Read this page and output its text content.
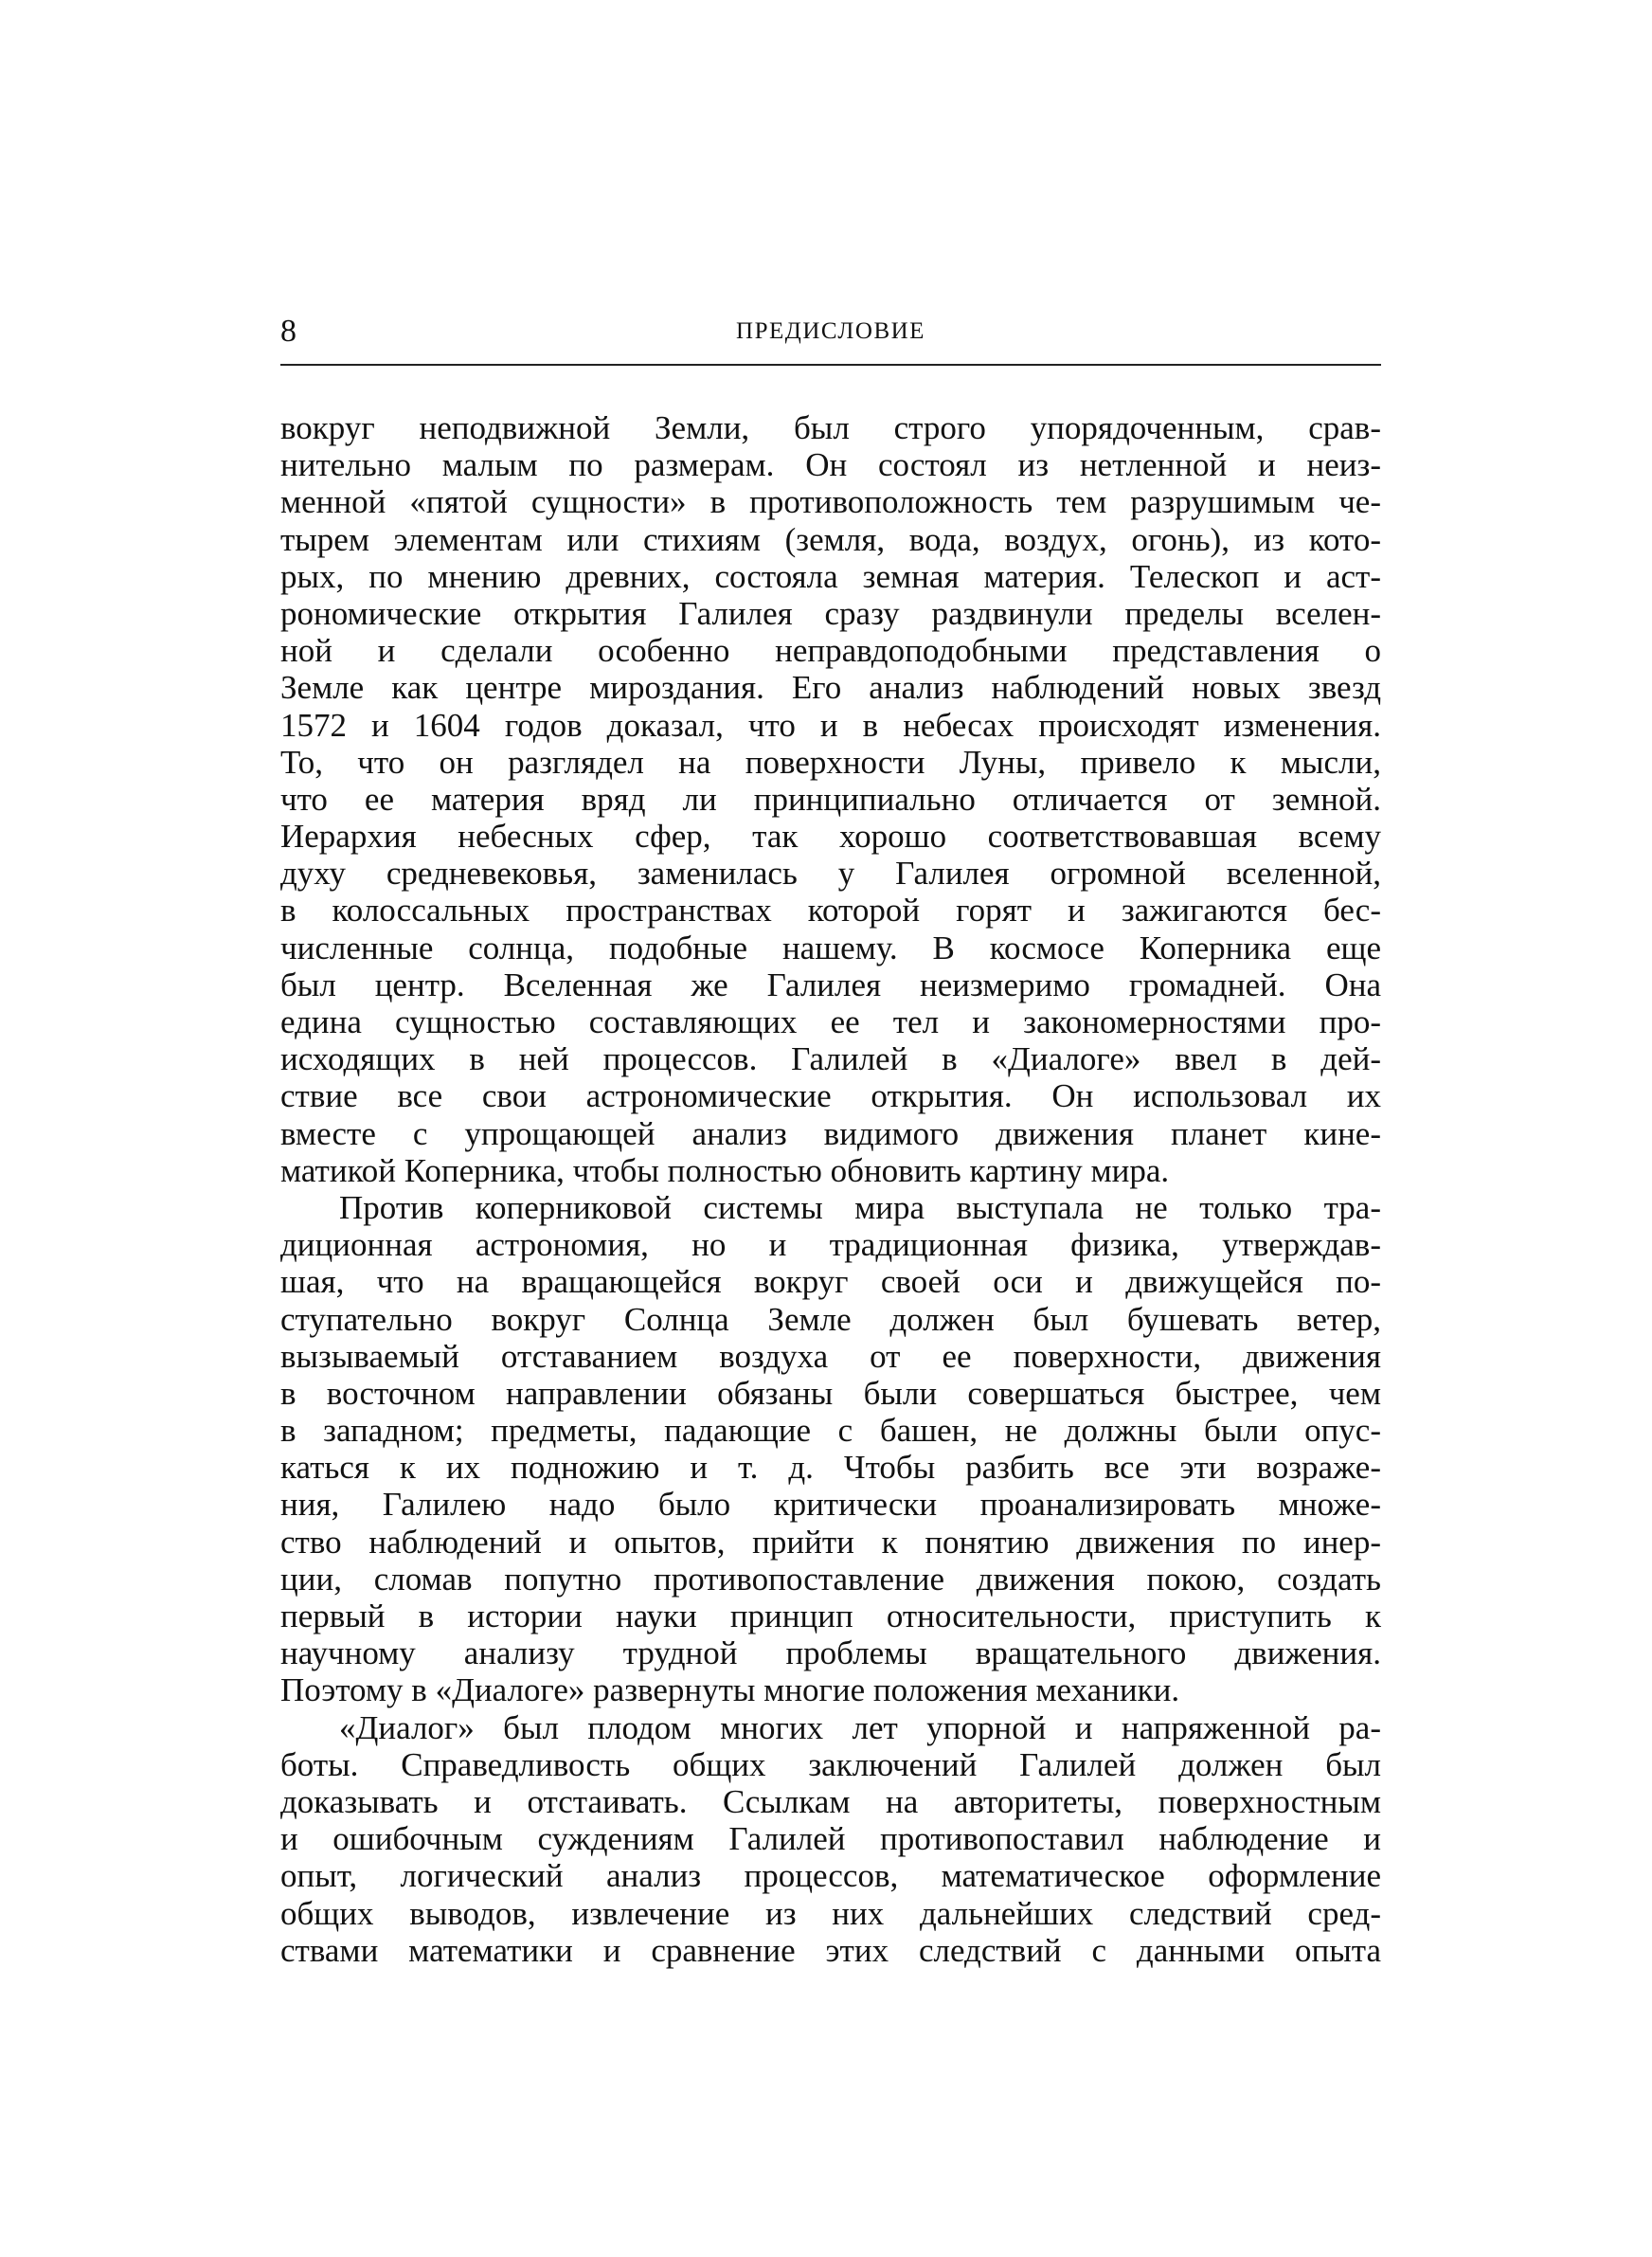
8	ПРЕДИСЛОВИЕ
вокруг неподвижной Земли, был строго упорядоченным, срав-
нительно малым по размерам. Он состоял из нетленной и неиз-
менной «пятой сущности» в противоположность тем разрушимым че-
тырем элементам или стихиям (земля, вода, воздух, огонь), из кото-
рых, по мнению древних, состояла земная материя. Телескоп и аст-
рономические открытия Галилея сразу раздвинули пределы вселен-
ной и сделали особенно неправдоподобными представления о
Земле как центре мироздания. Его анализ наблюдений новых звезд
1572 и 1604 годов доказал, что и в небесах происходят изменения.
То, что он разглядел на поверхности Луны, привело к мысли,
что ее материя вряд ли принципиально отличается от земной.
Иерархия небесных сфер, так хорошо соответствовавшая всему
духу средневековья, заменилась у Галилея огромной вселенной,
в колоссальных пространствах которой горят и зажигаются бес-
численные солнца, подобные нашему. В космосе Коперника еще
был центр. Вселенная же Галилея неизмеримо громадней. Она
едина сущностью составляющих ее тел и закономерностями про-
исходящих в ней процессов. Галилей в «Диалоге» ввел в дей-
ствие все свои астрономические открытия. Он использовал их
вместе с упрощающей анализ видимого движения планет кине-
матикой Коперника, чтобы полностью обновить картину мира.
Против коперниковой системы мира выступала не только тра-
диционная астрономия, но и традиционная физика, утверждав-
шая, что на вращающейся вокруг своей оси и движущейся по-
ступательно вокруг Солнца Земле должен был бушевать ветер,
вызываемый отставанием воздуха от ее поверхности, движения
в восточном направлении обязаны были совершаться быстрее, чем
в западном; предметы, падающие с башен, не должны были опус-
каться к их подножию и т. д. Чтобы разбить все эти возраже-
ния, Галилею надо было критически проанализировать множе-
ство наблюдений и опытов, прийти к понятию движения по инер-
ции, сломав попутно противопоставление движения покою, создать
первый в истории науки принцип относительности, приступить к
научному анализу трудной проблемы вращательного движения.
Поэтому в «Диалоге» развернуты многие положения механики.
«Диалог» был плодом многих лет упорной и напряженной ра-
боты. Справедливость общих заключений Галилей должен был
доказывать и отстаивать. Ссылкам на авторитеты, поверхностным
и ошибочным суждениям Галилей противопоставил наблюдение и
опыт, логический анализ процессов, математическое оформление
общих выводов, извлечение из них дальнейших следствий сред-
ствами математики и сравнение этих следствий с данными опыта
